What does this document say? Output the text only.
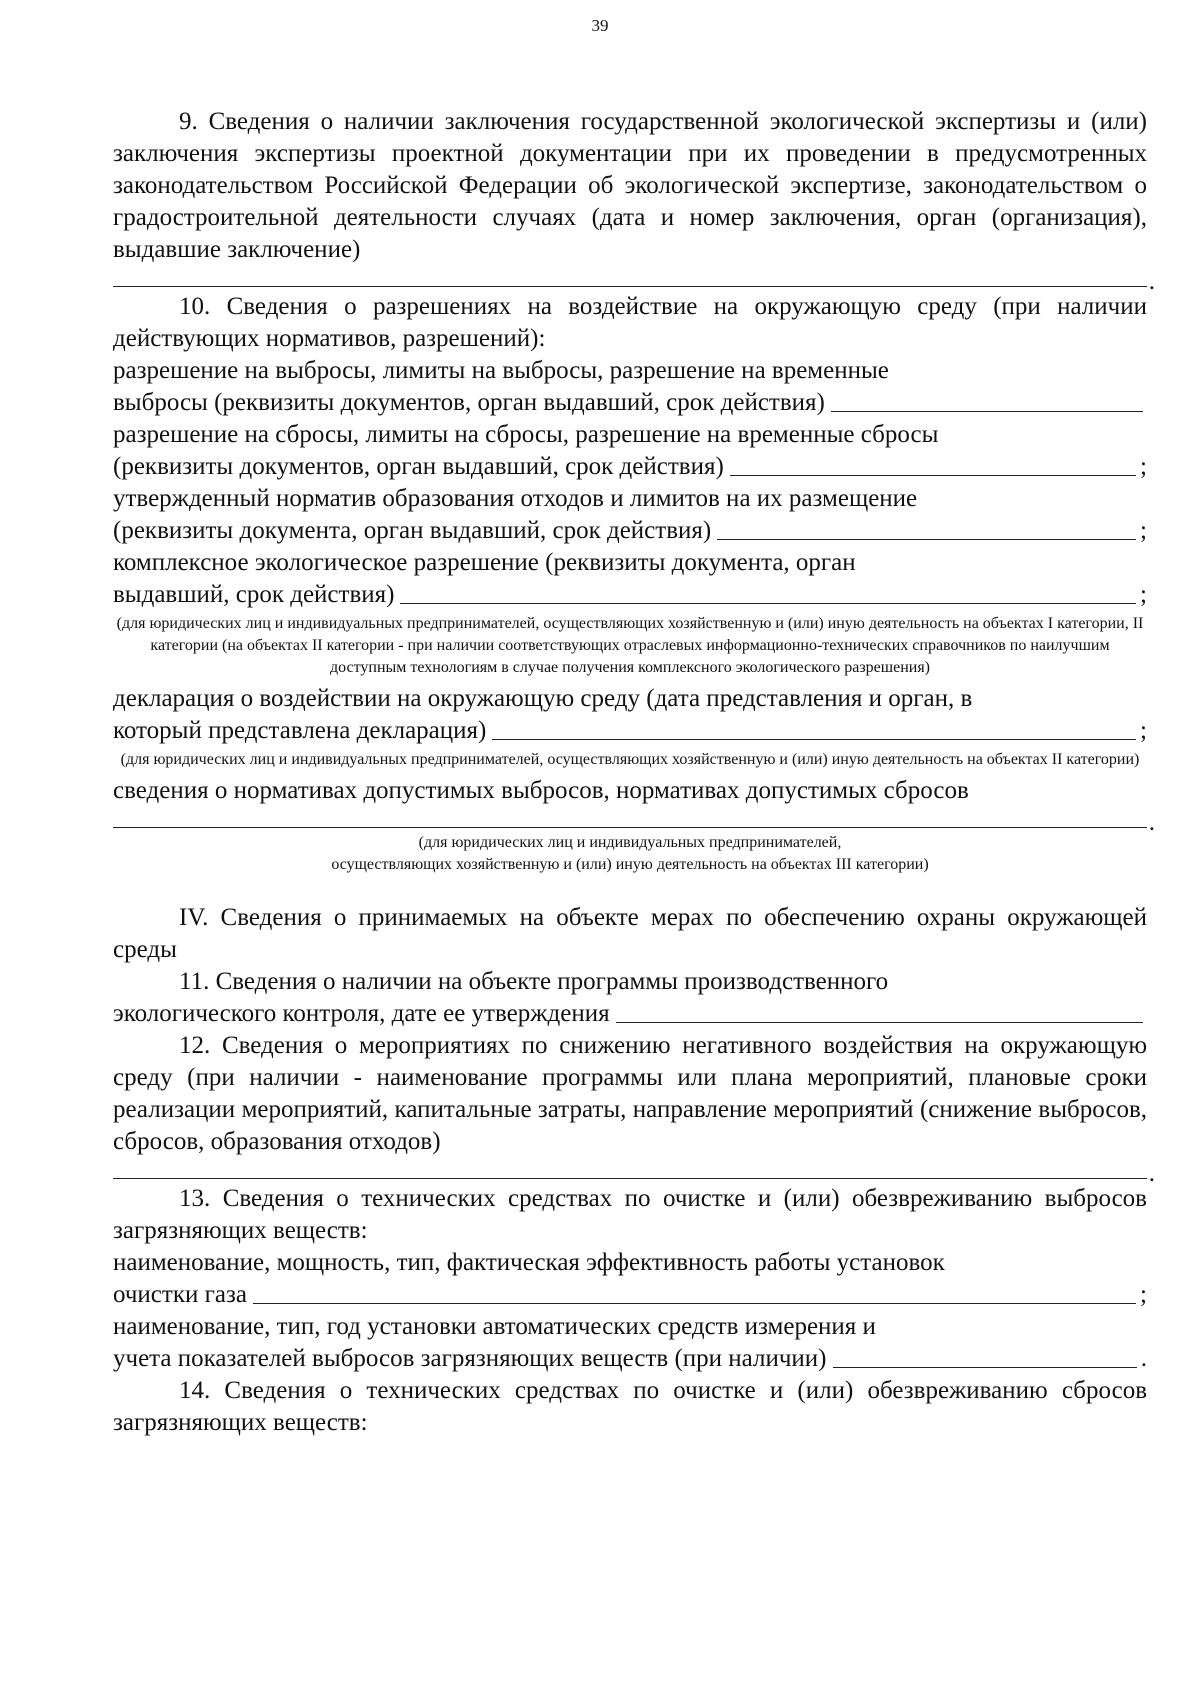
39

9. Сведения о наличии заключения государственной экологической экспертизы и (или) заключения экспертизы проектной документации при их проведении в предусмотренных законодательством Российской Федерации об экологической экспертизе, законодательством о градостроительной деятельности случаях (дата и номер заключения, орган (организация), выдавшие заключение)

.

10. Сведения о разрешениях на воздействие на окружающую среду (при наличии действующих нормативов, разрешений):

разрешение на выбросы, лимиты на выбросы, разрешение на временные

выбросы (реквизиты документов, орган выдавший, срок действия)

разрешение на сбросы, лимиты на сбросы, разрешение на временные сбросы

(реквизиты документов, орган выдавший, срок действия)	;

утвержденный норматив образования отходов и лимитов на их размещение

(реквизиты документа, орган выдавший, срок действия)	;

комплексное экологическое разрешение (реквизиты документа, орган

выдавший, срок действия)	;

(для юридических лиц и индивидуальных предпринимателей, осуществляющих хозяйственную и (или) иную деятельность на объектах I категории, II категории (на объектах II категории - при наличии соответствующих отраслевых информационно-технических справочников по наилучшим доступным технологиям в случае получения комплексного экологического разрешения)

декларация о воздействии на окружающую среду (дата представления и орган, в

который представлена декларация)	;

(для юридических лиц и индивидуальных предпринимателей, осуществляющих хозяйственную и (или) иную деятельность на объектах II категории)

сведения о нормативах допустимых выбросов, нормативах допустимых сбросов

.

(для юридических лиц и индивидуальных предпринимателей,

осуществляющих хозяйственную и (или) иную деятельность на объектах III категории)

IV. Сведения о принимаемых на объекте мерах по обеспечению охраны окружающей среды

11. Сведения о наличии на объекте программы производственного

экологического контроля, дате ее утверждения

12. Сведения о мероприятиях по снижению негативного воздействия на окружающую среду (при наличии - наименование программы или плана мероприятий, плановые сроки реализации мероприятий, капитальные затраты, направление мероприятий (снижение выбросов, сбросов, образования отходов)

.

13. Сведения о технических средствах по очистке и (или) обезвреживанию выбросов загрязняющих веществ:

наименование, мощность, тип, фактическая эффективность работы установок

очистки газа	;

наименование, тип, год установки автоматических средств измерения и

учета показателей выбросов загрязняющих веществ (при наличии)	.

14. Сведения о технических средствах по очистке и (или) обезвреживанию сбросов загрязняющих веществ:
